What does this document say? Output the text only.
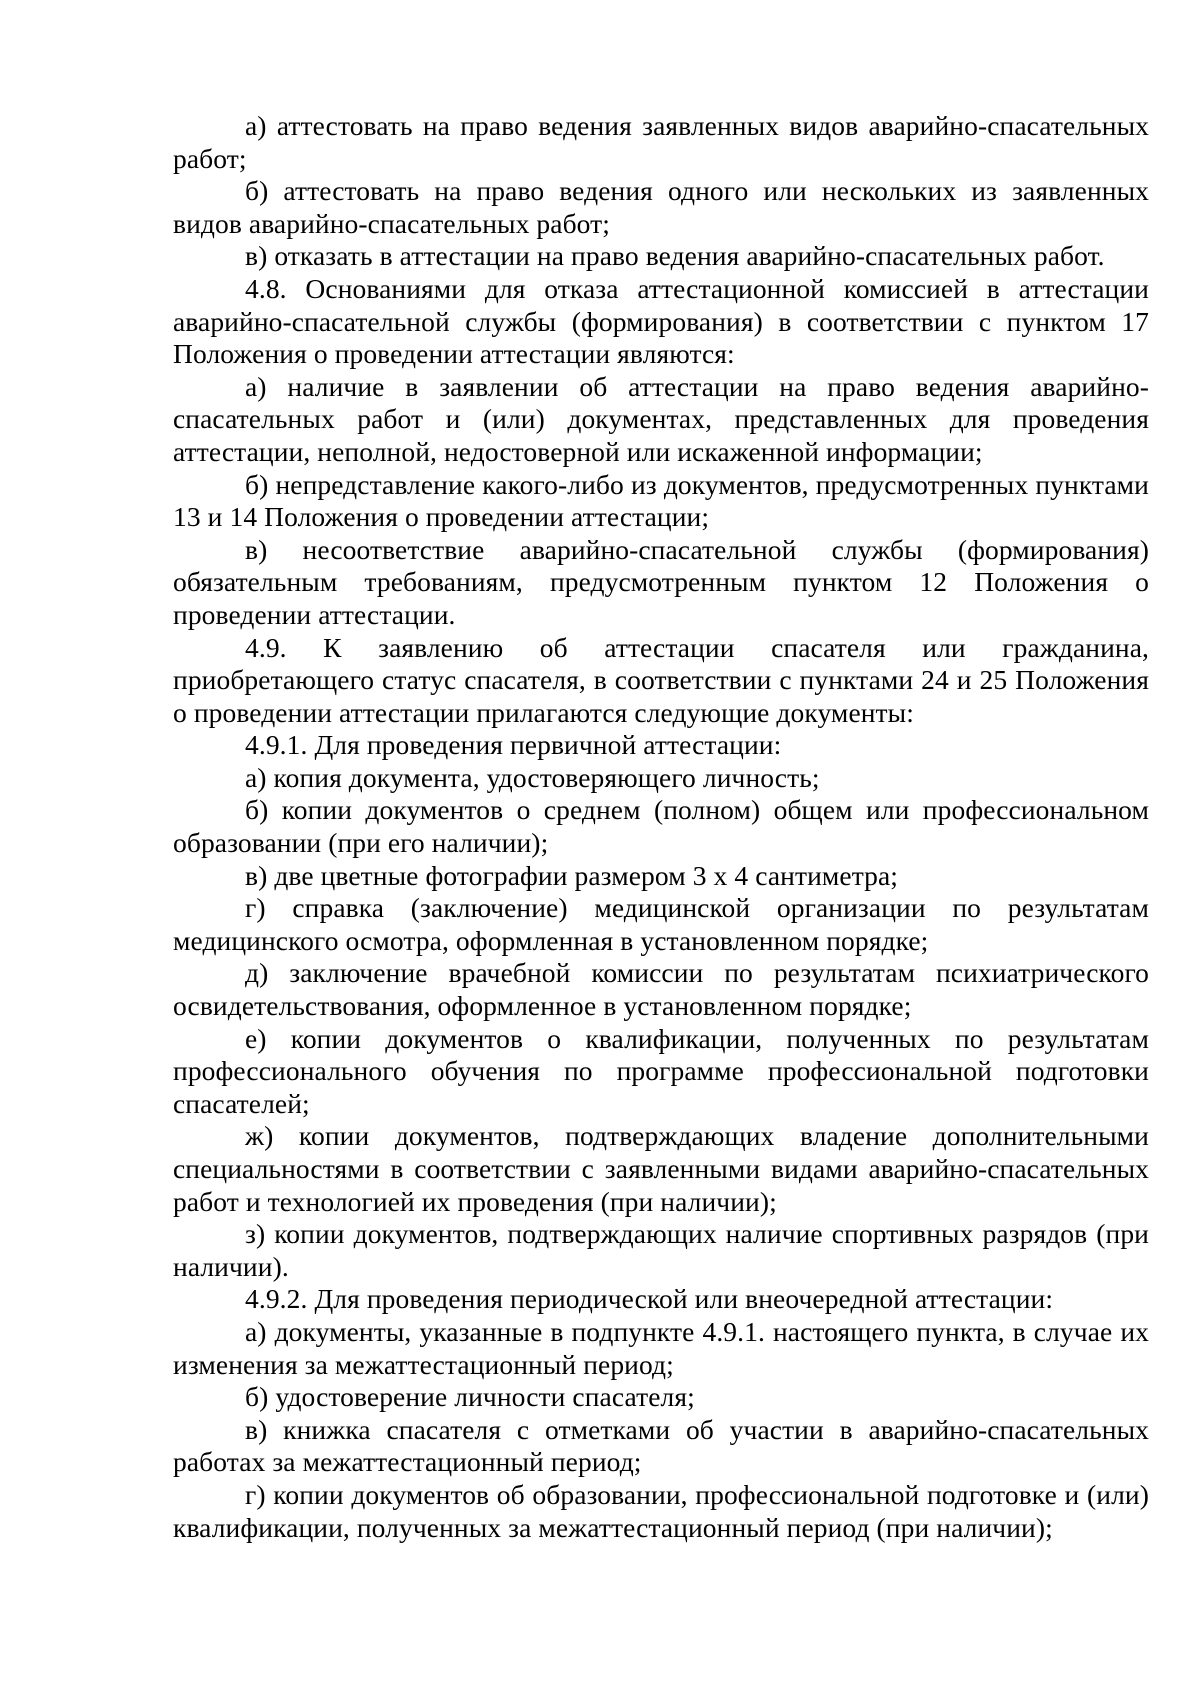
а) аттестовать на право ведения заявленных видов аварийно-спасательных работ;

б) аттестовать на право ведения одного или нескольких из заявленных видов аварийно-спасательных работ;

в) отказать в аттестации на право ведения аварийно-спасательных работ.

4.8. Основаниями для отказа аттестационной комиссией в аттестации аварийно-спасательной службы (формирования) в соответствии с пунктом 17 Положения о проведении аттестации являются:

а) наличие в заявлении об аттестации на право ведения аварийно-спасательных работ и (или) документах, представленных для проведения аттестации, неполной, недостоверной или искаженной информации;

б) непредставление какого-либо из документов, предусмотренных пунктами 13 и 14 Положения о проведении аттестации;

в) несоответствие аварийно-спасательной службы (формирования) обязательным требованиям, предусмотренным пунктом 12 Положения о проведении аттестации.

4.9. К заявлению об аттестации спасателя или гражданина, приобретающего статус спасателя, в соответствии с пунктами 24 и 25 Положения о проведении аттестации прилагаются следующие документы:

4.9.1. Для проведения первичной аттестации:

а) копия документа, удостоверяющего личность;

б) копии документов о среднем (полном) общем или профессиональном образовании (при его наличии);

в) две цветные фотографии размером 3 х 4 сантиметра;

г) справка (заключение) медицинской организации по результатам медицинского осмотра, оформленная в установленном порядке;

д) заключение врачебной комиссии по результатам психиатрического освидетельствования, оформленное в установленном порядке;

е) копии документов о квалификации, полученных по результатам профессионального обучения по программе профессиональной подготовки спасателей;

ж) копии документов, подтверждающих владение дополнительными специальностями в соответствии с заявленными видами аварийно-спасательных работ и технологией их проведения (при наличии);

з) копии документов, подтверждающих наличие спортивных разрядов (при наличии).

4.9.2. Для проведения периодической или внеочередной аттестации:

а) документы, указанные в подпункте 4.9.1. настоящего пункта, в случае их изменения за межаттестационный период;

б) удостоверение личности спасателя;

в) книжка спасателя с отметками об участии в аварийно-спасательных работах за межаттестационный период;

г) копии документов об образовании, профессиональной подготовке и (или) квалификации, полученных за межаттестационный период (при наличии);
